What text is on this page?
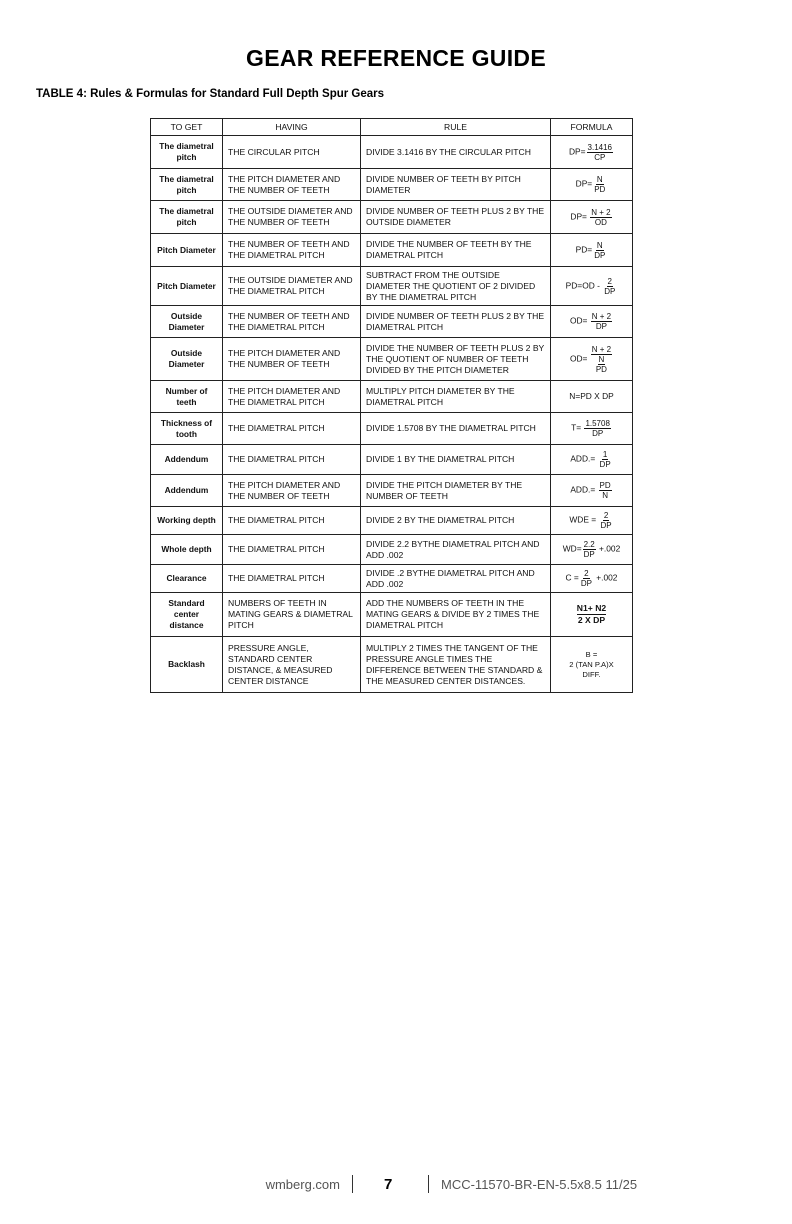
GEAR REFERENCE GUIDE
TABLE 4: Rules & Formulas for Standard Full Depth Spur Gears
TO GET	HAVING	RULE	FORMULA
The diametral pitch	THE CIRCULAR PITCH	DIVIDE 3.1416 BY THE CIRCULAR PITCH	$DP= \frac{3.1416}{CP}$

The diametral pitch	THE PITCH DIAMETER AND THE NUMBER OF TEETH	DIVIDE NUMBER OF TEETH BY PITCH DIAMETER	$DP= \frac{N}{PD}$

The diametral pitch	THE OUTSIDE DIAMETER AND THE NUMBER OF TEETH	DIVIDE NUMBER OF TEETH PLUS 2 BY THE OUTSIDE DIAMETER	$DP= \frac{N + 2}{OD}$

Pitch Diameter	THE NUMBER OF TEETH AND THE DIAMETRAL PITCH	DIVIDE THE NUMBER OF TEETH BY THE DIAMETRAL PITCH	$PD= \frac{N}{DP}$

Pitch Diameter	THE OUTSIDE DIAMETER AND THE DIAMETRAL PITCH	SUBTRACT FROM THE OUTSIDE DIAMETER THE QUOTIENT OF 2 DIVIDED BY THE DIAMETRAL PITCH	$PD=OD - \frac{2}{DP}$

Outside Diameter	THE NUMBER OF TEETH AND THE DIAMETRAL PITCH	DIVIDE NUMBER OF TEETH PLUS 2 BY THE DIAMETRAL PITCH	$OD= \frac{N + 2}{DP}$

Outside Diameter	THE PITCH DIAMETER AND THE NUMBER OF TEETH	DIVIDE THE NUMBER OF TEETH PLUS 2 BY THE QUOTIENT OF NUMBER OF TEETH DIVIDED BY THE PITCH DIAMETER	$OD= \frac{N + 2}{\frac{N}{PD}}$

Number of teeth	THE PITCH DIAMETER AND THE DIAMETRAL PITCH	MULTIPLY PITCH DIAMETER BY THE DIAMETRAL PITCH	N=PD X DP
Thickness of tooth	THE DIAMETRAL PITCH	DIVIDE 1.5708 BY THE DIAMETRAL PITCH	$T= \frac{1.5708}{DP}$

Addendum	THE DIAMETRAL PITCH	DIVIDE 1 BY THE DIAMETRAL PITCH	$ADD.= \frac{1}{DP}$

Addendum	THE PITCH DIAMETER AND THE NUMBER OF TEETH	DIVIDE THE PITCH DIAMETER BY THE NUMBER OF TEETH	$ADD.= \frac{PD}{N}$

Working depth	THE DIAMETRAL PITCH	DIVIDE 2 BY THE DIAMETRAL PITCH	WDE = $\frac{2}{DP}$

Whole depth	THE DIAMETRAL PITCH	DIVIDE 2.2 BYTHE DIAMETRAL PITCH AND ADD .002	$WD= \frac{2.2}{DP} +.002$
Clearance	THE DIAMETRAL PITCH	DIVIDE .2 BYTHE DIAMETRAL PITCH AND ADD .002	$C = \frac{2}{DP} +.002$
Standard center distance	NUMBERS OF TEETH IN MATING GEARS & DIAMETRAL PITCH	ADD THE NUMBERS OF TEETH IN THE MATING GEARS & DIVIDE BY 2 TIMES THE DIAMETRAL PITCH	$\frac{N1+ N2}{\text{2 X DP}}$

Backlash	PRESSURE ANGLE, STANDARD CENTER DISTANCE, & MEASURED CENTER DISTANCE	MULTIPLY 2 TIMES THE TANGENT OF THE PRESSURE ANGLE TIMES THE DIFFERENCE BETWEEN THE STANDARD & THE MEASURED CENTER DISTANCES.	B =
2 (TAN P.A)X
DIFF.
wmberg.com	7	MCC-11570-BR-EN-5.5x8.5 11/25
